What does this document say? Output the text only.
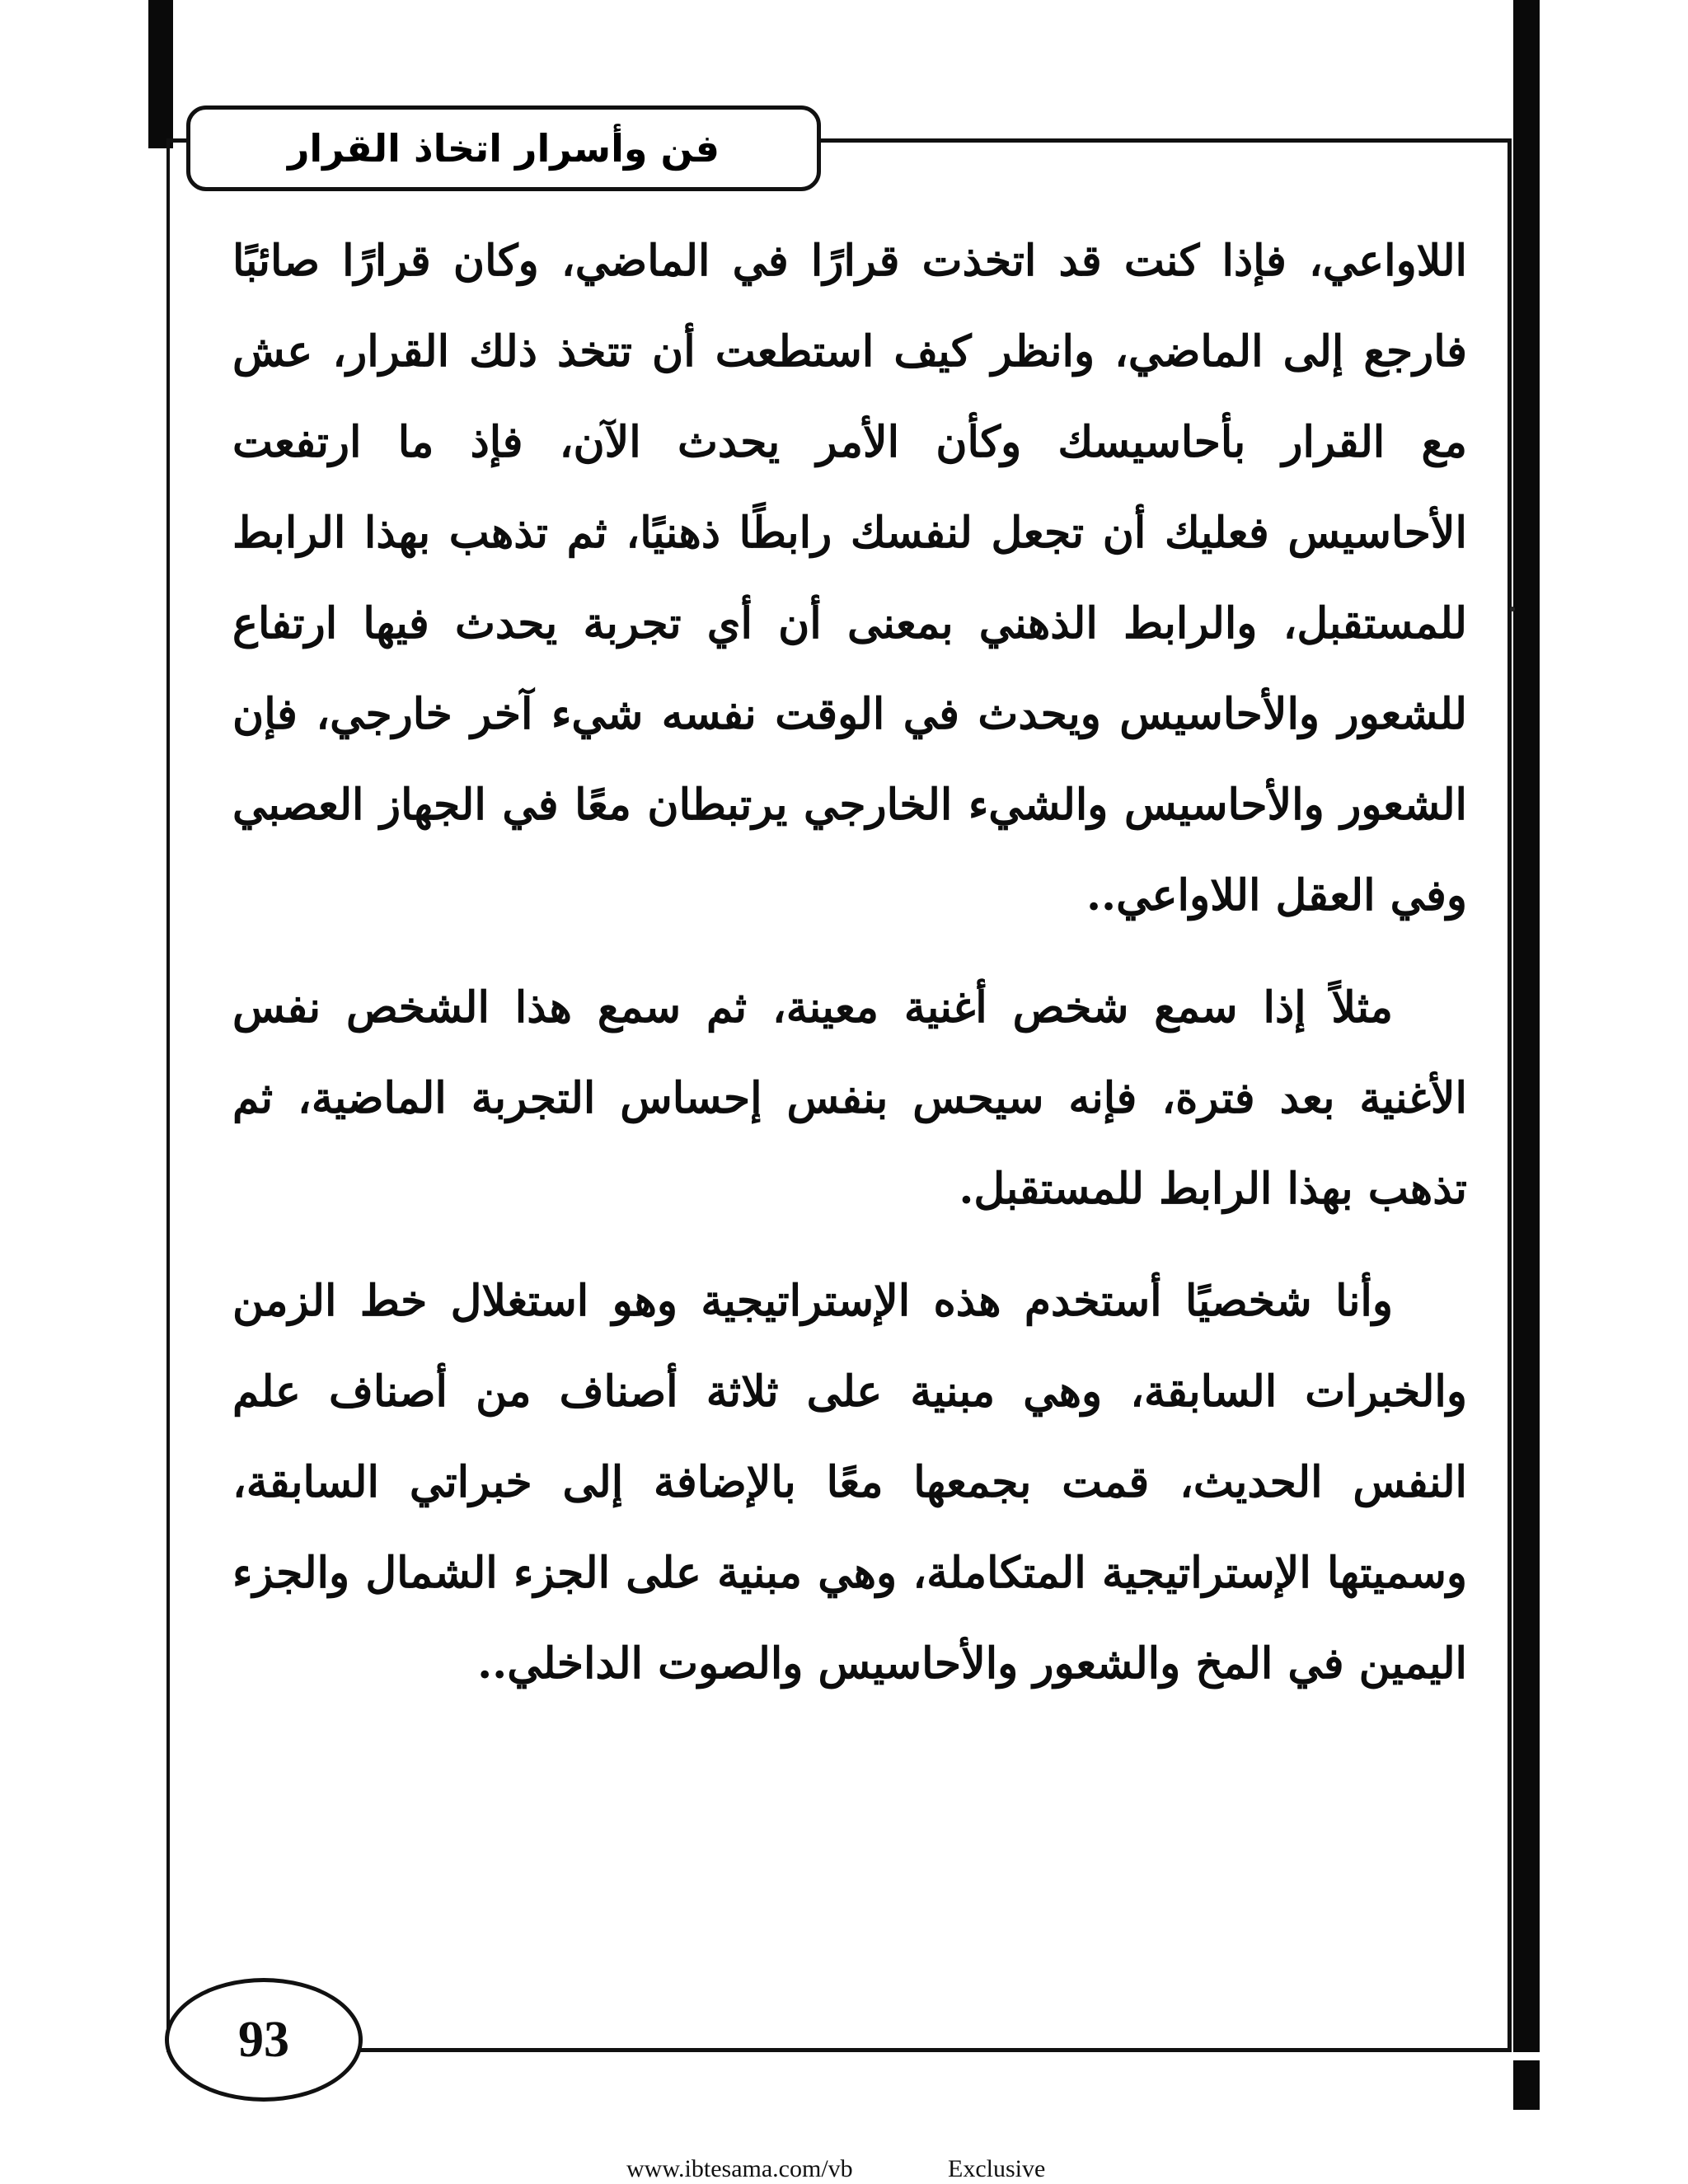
فن وأسرار اتخاذ القرار

اللاواعي، فإذا كنت قد اتخذت قرارًا في الماضي، وكان قرارًا صائبًا فارجع إلى الماضي، وانظر كيف استطعت أن تتخذ ذلك القرار، عش مع القرار بأحاسيسك وكأن الأمر يحدث الآن، فإذ ما ارتفعت الأحاسيس فعليك أن تجعل لنفسك رابطًا ذهنيًا، ثم تذهب بهذا الرابط للمستقبل، والرابط الذهني بمعنى أن أي تجربة يحدث فيها ارتفاع للشعور والأحاسيس ويحدث في الوقت نفسه شيء آخر خارجي، فإن الشعور والأحاسيس والشيء الخارجي يرتبطان معًا في الجهاز العصبي وفي العقل اللاواعي..

مثلاً إذا سمع شخص أغنية معينة، ثم سمع هذا الشخص نفس الأغنية بعد فترة، فإنه سيحس بنفس إحساس التجربة الماضية، ثم تذهب بهذا الرابط للمستقبل.

وأنا شخصيًا أستخدم هذه الإستراتيجية وهو استغلال خط الزمن والخبرات السابقة، وهي مبنية على ثلاثة أصناف من أصناف علم النفس الحديث، قمت بجمعها معًا بالإضافة إلى خبراتي السابقة، وسميتها الإستراتيجية المتكاملة، وهي مبنية على الجزء الشمال والجزء اليمين في المخ والشعور والأحاسيس والصوت الداخلي..

93
www.ibtesama.com/vb	Exclusive
